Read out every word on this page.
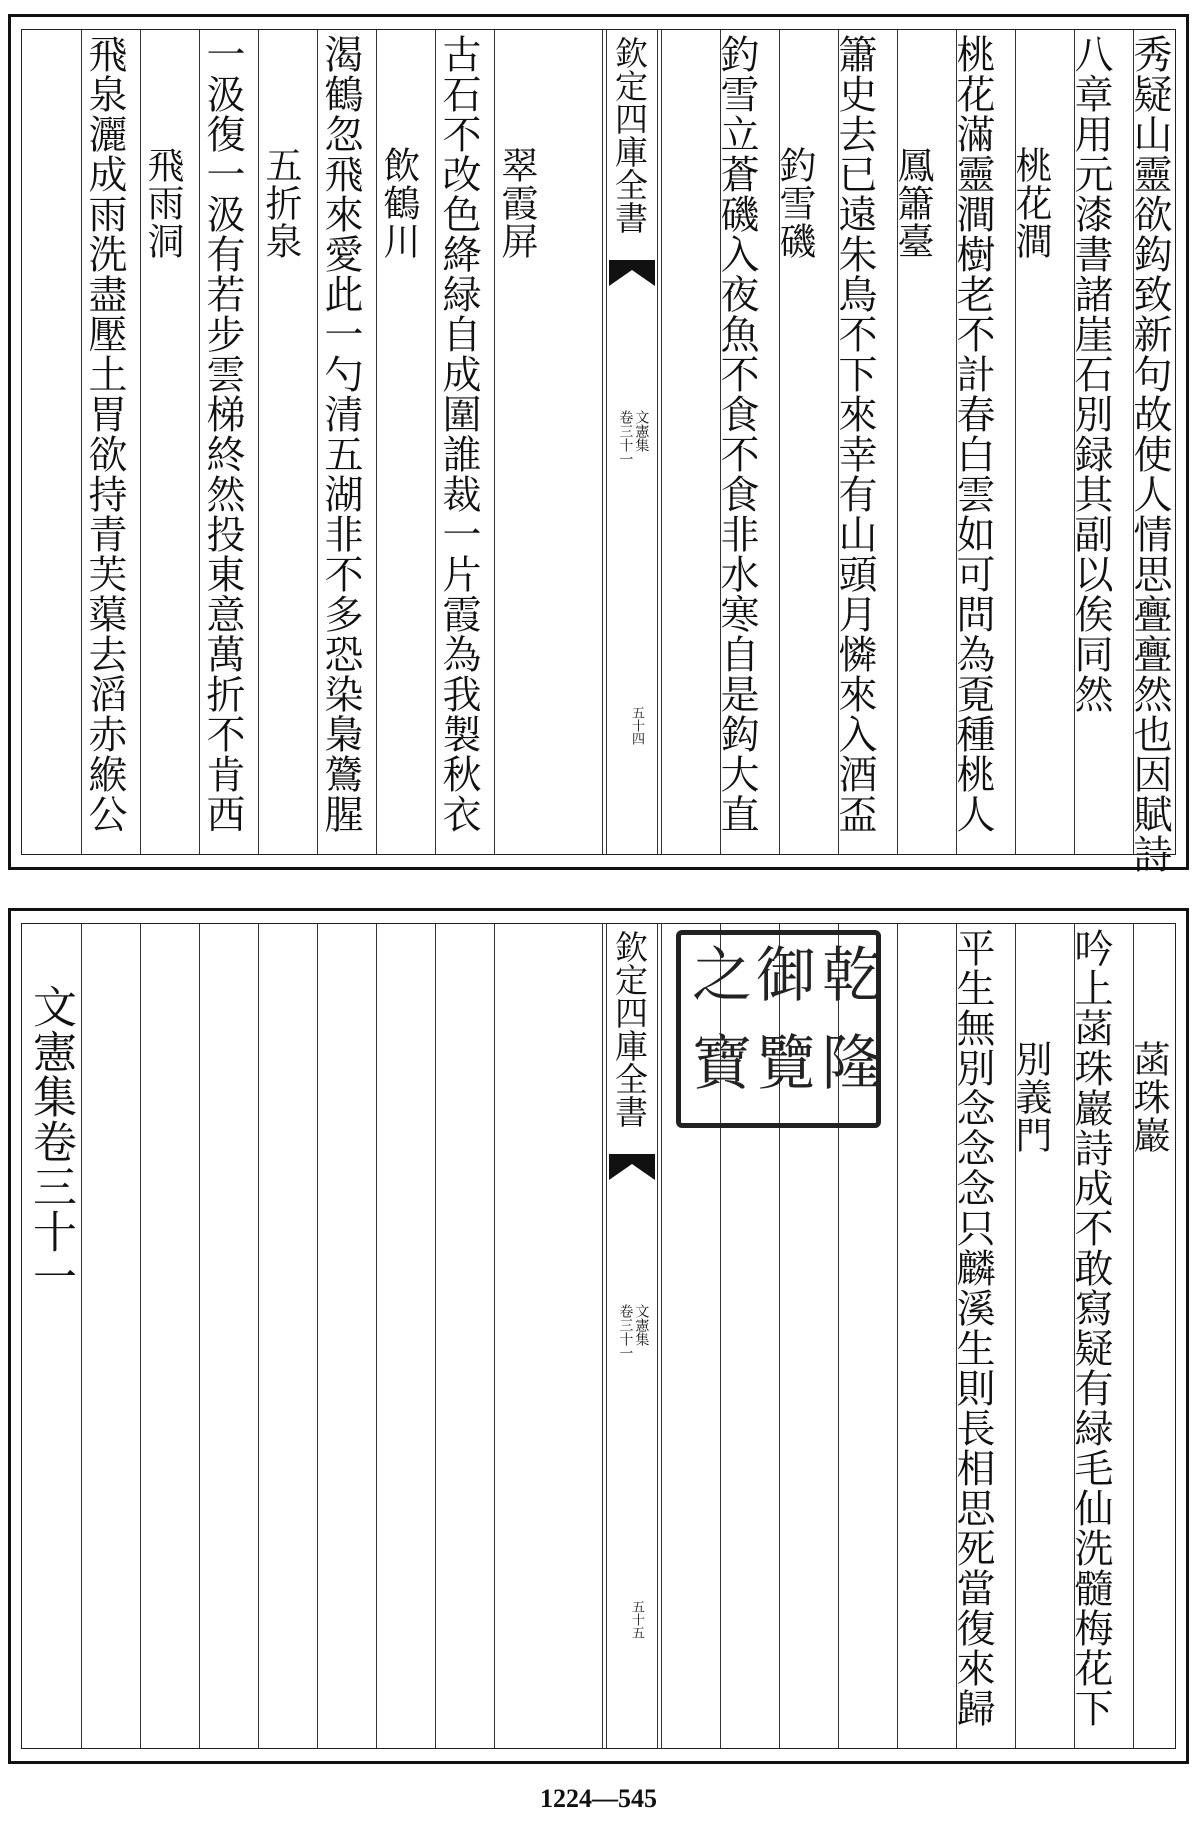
秀疑山靈欲鈎致新句故使人情思亹亹然也因賦詩
八章用元漆書諸崖石別録其副以俟同然
桃花澗
桃花滿靈澗樹老不計春白雲如可問為覔種桃人
鳳簫臺
簫史去已遠朱鳥不下來幸有山頭月憐來入酒盃
釣雪磯
釣雪立蒼磯入夜魚不食不食非水寒自是鈎大直
欽定四庫全書
文憲集
卷三十一
五十四
古石不改色絳緑自成圍誰裁一片霞為我製秋衣 翠霞屏
渴鶴忽飛來愛此一勺清五湖非不多恐染梟鷟腥 飲鶴川
五折泉
一汲復一汲有若步雲梯終然投東意萬折不肯西
飛雨洞
飛泉灑成雨洗盡壓土胃欲持青芙蕖去滔赤緱公
菡珠巖
吟上菡珠巖詩成不敢寫疑有緑毛仙洗髓梅花下
別義門
平生無別念念念只麟溪生則長相思死當復來歸
乾
隆
御
覽
之
寶
欽定四庫全書
文憲集
卷三十一
五十五
文憲集卷三十一
1224—545
